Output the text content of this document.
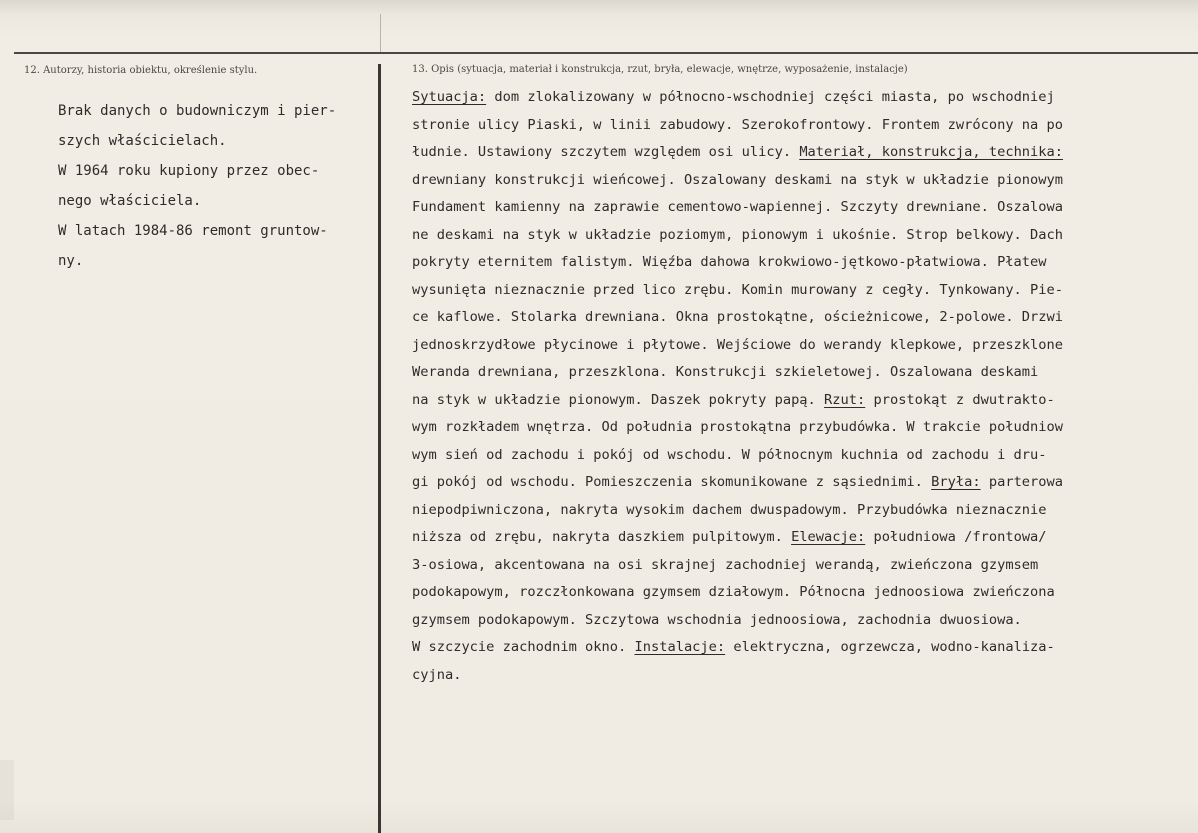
12. Autorzy, historia obiektu, określenie stylu.	13. Opis (sytuacja, materiał i konstrukcja, rzut, bryła, elewacje, wnętrze, wyposażenie, instalacje)

Brak danych o budowniczym i pier-

szych właścicielach.

W 1964 roku kupiony przez obec-

nego właściciela.

W latach 1984-86 remont gruntow-

ny.

Sytuacja: dom zlokalizowany w północno-wschodniej części miasta, po wschodniej
stronie ulicy Piaski, w linii zabudowy. Szerokofrontowy. Frontem zwrócony na po
łudnie. Ustawiony szczytem względem osi ulicy. Materiał, konstrukcja, technika:
drewniany konstrukcji wieńcowej. Oszalowany deskami na styk w układzie pionowym
Fundament kamienny na zaprawie cementowo-wapiennej. Szczyty drewniane. Oszalowa
ne deskami na styk w układzie poziomym, pionowym i ukośnie. Strop belkowy. Dach
pokryty eternitem falistym. Więźba dahowa krokwiowo-jętkowo-płatwiowa. Płatew
wysunięta nieznacznie przed lico zrębu. Komin murowany z cegły. Tynkowany. Pie-
ce kaflowe. Stolarka drewniana. Okna prostokątne, ościeżnicowe, 2-polowe. Drzwi
jednoskrzydłowe płycinowe i płytowe. Wejściowe do werandy klepkowe, przeszklone
Weranda drewniana, przeszklona. Konstrukcji szkieletowej. Oszalowana deskami
na styk w układzie pionowym. Daszek pokryty papą. Rzut: prostokąt z dwutrakto-
wym rozkładem wnętrza. Od południa prostokątna przybudówka. W trakcie południow
wym sień od zachodu i pokój od wschodu. W północnym kuchnia od zachodu i dru-
gi pokój od wschodu. Pomieszczenia skomunikowane z sąsiednimi. Bryła: parterowa
niepodpiwniczona, nakryta wysokim dachem dwuspadowym. Przybudówka nieznacznie
niższa od zrębu, nakryta daszkiem pulpitowym. Elewacje: południowa /frontowa/
3-osiowa, akcentowana na osi skrajnej zachodniej werandą, zwieńczona gzymsem
podokapowym, rozczłonkowana gzymsem działowym. Północna jednoosiowa zwieńczona
gzymsem podokapowym. Szczytowa wschodnia jednoosiowa, zachodnia dwuosiowa.
W szczycie zachodnim okno. Instalacje: elektryczna, ogrzewcza, wodno-kanaliza-
cyjna.
